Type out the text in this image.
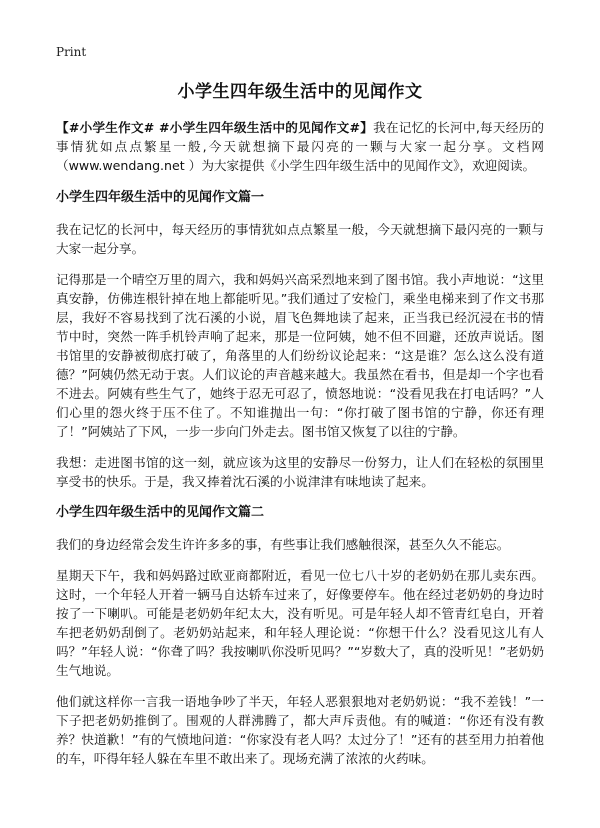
Print
小学生四年级生活中的见闻作文

【#小学生作文# #小学生四年级生活中的见闻作文#】我在记忆的长河中,每天经历的事情犹如点点繁星一般,今天就想摘下最闪亮的一颗与大家一起分享。文档网（www.wendang.net ）为大家提供《小学生四年级生活中的见闻作文》，欢迎阅读。

小学生四年级生活中的见闻作文篇一

我在记忆的长河中，每天经历的事情犹如点点繁星一般，今天就想摘下最闪亮的一颗与大家一起分享。

记得那是一个晴空万里的周六，我和妈妈兴高采烈地来到了图书馆。我小声地说：“这里真安静，仿佛连根针掉在地上都能听见。”我们通过了安检门，乘坐电梯来到了作文书那层，我好不容易找到了沈石溪的小说，眉飞色舞地读了起来，正当我已经沉浸在书的情节中时，突然一阵手机铃声响了起来，那是一位阿姨，她不但不回避，还放声说话。图书馆里的安静被彻底打破了，角落里的人们纷纷议论起来：“这是谁？怎么这么没有道德？”阿姨仍然无动于衷。人们议论的声音越来越大。我虽然在看书，但是却一个字也看不进去。阿姨有些生气了，她终于忍无可忍了，愤怒地说：“没看见我在打电话吗？”人们心里的怨火终于压不住了。不知谁抛出一句：“你打破了图书馆的宁静，你还有理了！”阿姨站了下风，一步一步向门外走去。图书馆又恢复了以往的宁静。

我想：走进图书馆的这一刻，就应该为这里的安静尽一份努力，让人们在轻松的氛围里享受书的快乐。于是，我又捧着沈石溪的小说津津有味地读了起来。

小学生四年级生活中的见闻作文篇二

我们的身边经常会发生许许多多的事，有些事让我们感触很深，甚至久久不能忘。

星期天下午，我和妈妈路过欧亚商都附近，看见一位七八十岁的老奶奶在那儿卖东西。这时，一个年轻人开着一辆马自达轿车过来了，好像要停车。他在经过老奶奶的身边时按了一下喇叭。可能是老奶奶年纪太大，没有听见。可是年轻人却不管青红皂白，开着车把老奶奶刮倒了。老奶奶站起来，和年轻人理论说：“你想干什么？没看见这儿有人吗？”年轻人说：“你聋了吗？我按喇叭你没听见吗？”“岁数大了，真的没听见！”老奶奶生气地说。

他们就这样你一言我一语地争吵了半天，年轻人恶狠狠地对老奶奶说：“我不差钱！”一下子把老奶奶推倒了。围观的人群沸腾了，都大声斥责他。有的喊道：“你还有没有教养？快道歉！”有的气愤地问道：“你家没有老人吗？太过分了！”还有的甚至用力拍着他的车，吓得年轻人躲在车里不敢出来了。现场充满了浓浓的火药味。
